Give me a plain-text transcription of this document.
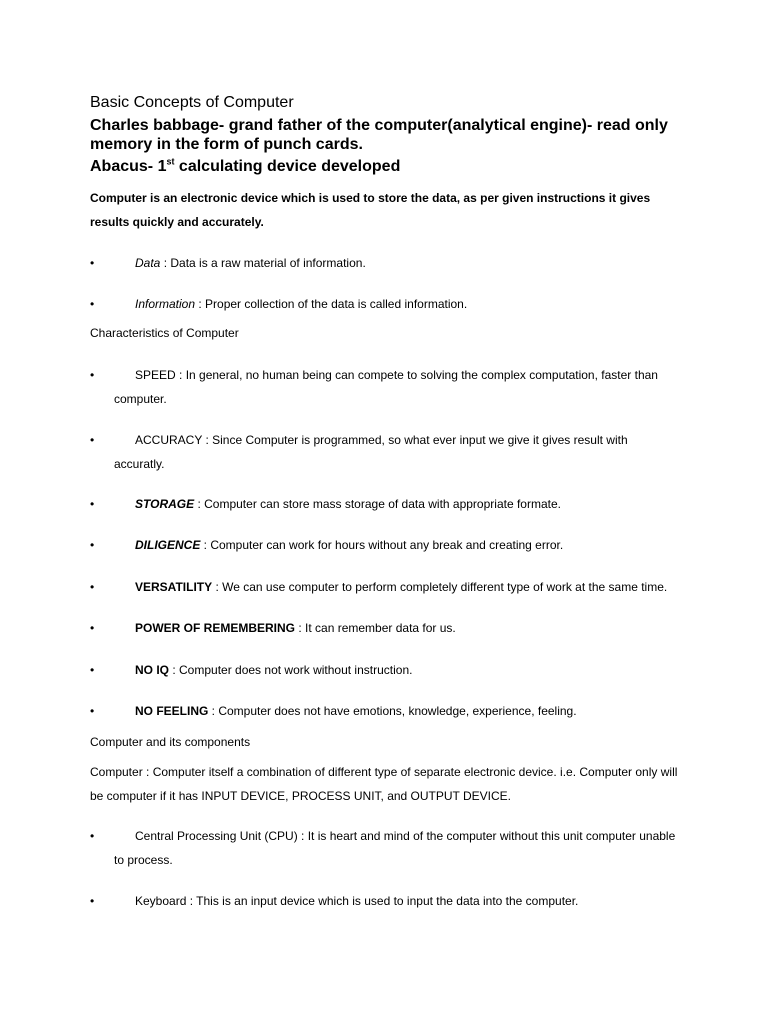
Basic Concepts of Computer

Charles babbage- grand father of the computer(analytical engine)- read only memory in the form of punch cards.

Abacus- 1st calculating device developed

Computer is an electronic device which is used to store the data, as per given instructions it gives results quickly and accurately.

•	Data : Data is a raw material of information.

•	Information : Proper collection of the data is called information.

Characteristics of Computer

•	SPEED : In general, no human being can compete to solving the complex computation, faster than computer.

•	ACCURACY : Since Computer is programmed, so what ever input we give it gives result with accuratly.

•	STORAGE : Computer can store mass storage of data with appropriate formate.

•	DILIGENCE : Computer can work for hours without any break and creating error.

•	VERSATILITY : We can use computer to perform completely different type of work at the same time.

•	POWER OF REMEMBERING : It can remember data for us.

•	NO IQ : Computer does not work without instruction.

•	NO FEELING : Computer does not have emotions, knowledge, experience, feeling.

Computer and its components

Computer : Computer itself a combination of different type of separate electronic device. i.e. Computer only will be computer if it has INPUT DEVICE, PROCESS UNIT, and OUTPUT DEVICE.

•	Central Processing Unit (CPU) : It is heart and mind of the computer without this unit computer unable to process.

•	Keyboard : This is an input device which is used to input the data into the computer.
